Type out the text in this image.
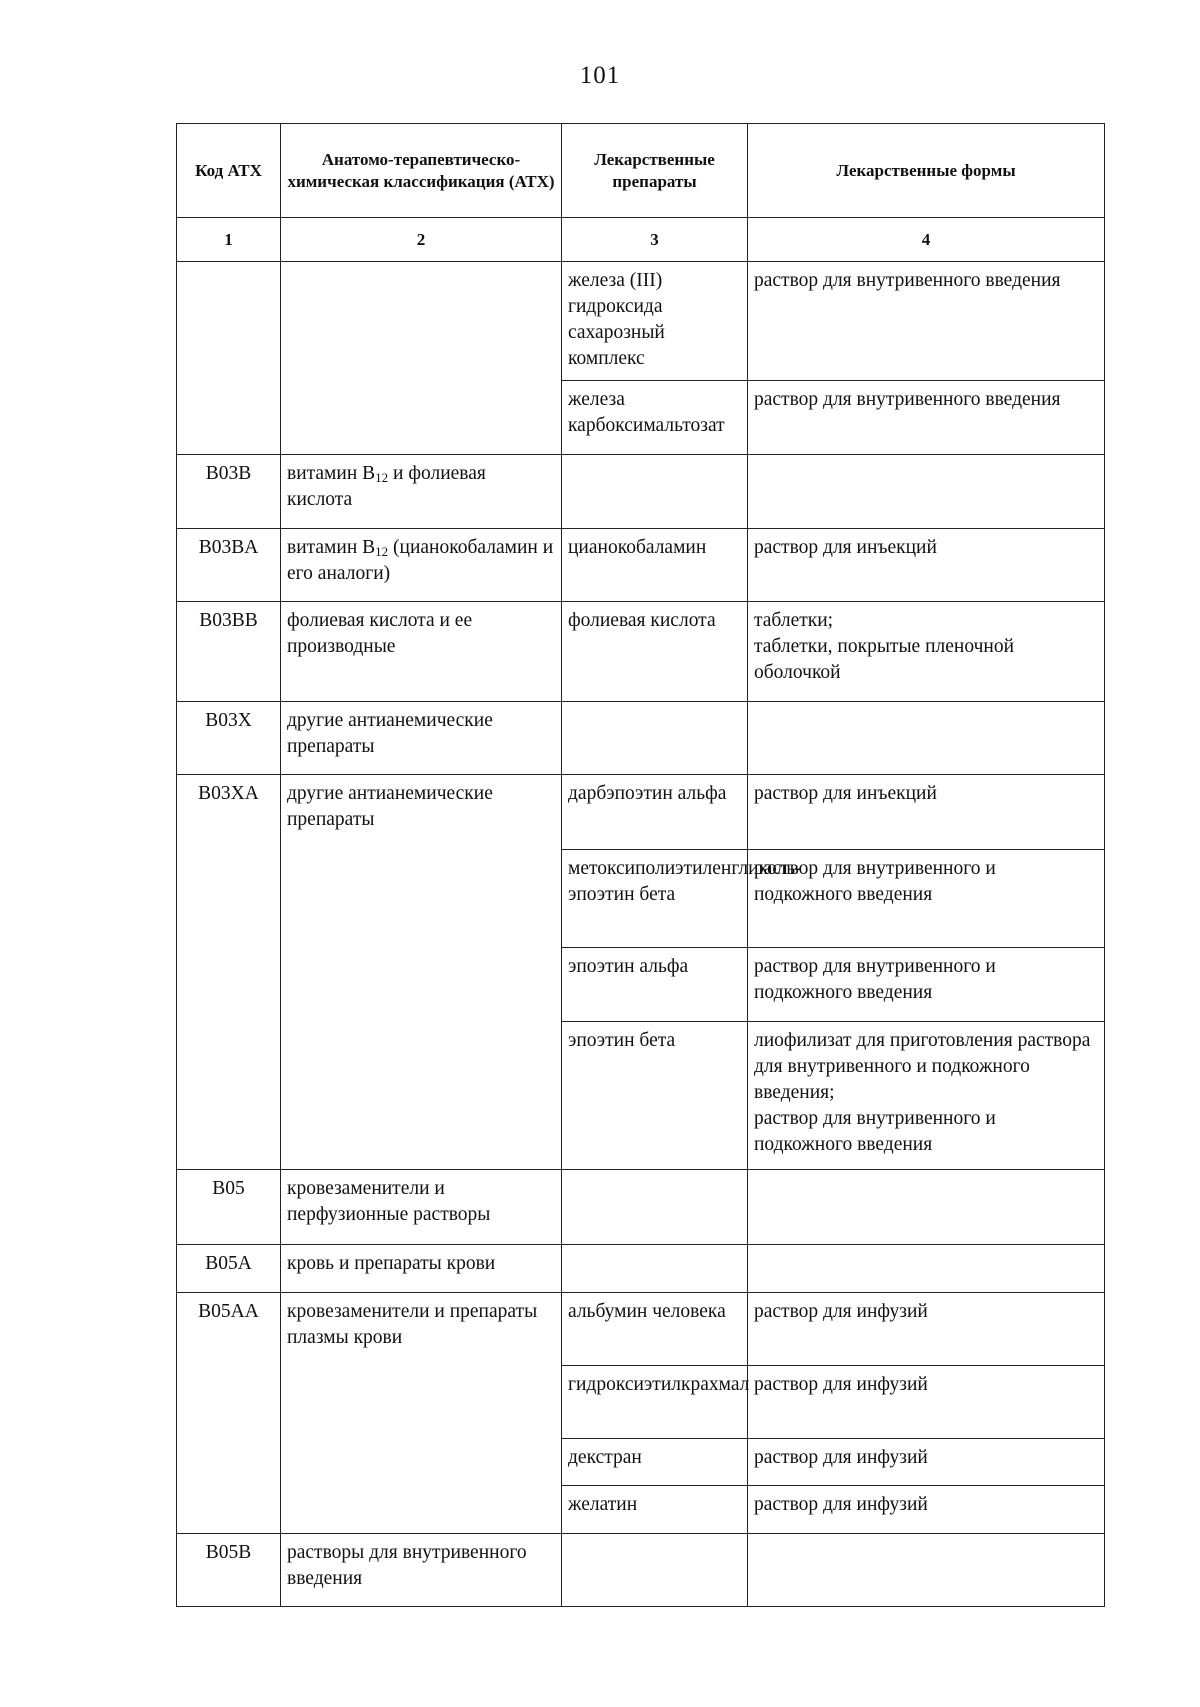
101
Код АТХ	Анатомо-терапевтическо-химическая классификация (АТХ)	Лекарственные препараты	Лекарственные формы
1	2	3	4
		железа (III) гидроксида сахарозный комплекс	раствор для внутривенного введения
		железа карбоксимальтозат	раствор для внутривенного введения
B03B	витамин $B_{12}$ и фолиевая кислота		
B03BA	витамин $B_{12}$ (цианокобаламин и его аналоги)	цианокобаламин	раствор для инъекций
B03BB	фолиевая кислота и ее производные	фолиевая кислота	таблетки;
таблетки, покрытые пленочной оболочкой
B03X	другие антианемические препараты		
B03XA	другие антианемические препараты	дарбэпоэтин альфа	раствор для инъекций
		метоксиполиэтиленгликоль-эпоэтин бета	раствор для внутривенного и подкожного введения
		эпоэтин альфа	раствор для внутривенного и подкожного введения
		эпоэтин бета	лиофилизат для приготовления раствора для внутривенного и подкожного введения;
раствор для внутривенного и подкожного введения
B05	кровезаменители и перфузионные растворы		
B05A	кровь и препараты крови		
B05AA	кровезаменители и препараты плазмы крови	альбумин человека	раствор для инфузий
		гидроксиэтилкрахмал	раствор для инфузий
		декстран	раствор для инфузий
		желатин	раствор для инфузий
B05B	растворы для внутривенного введения		
